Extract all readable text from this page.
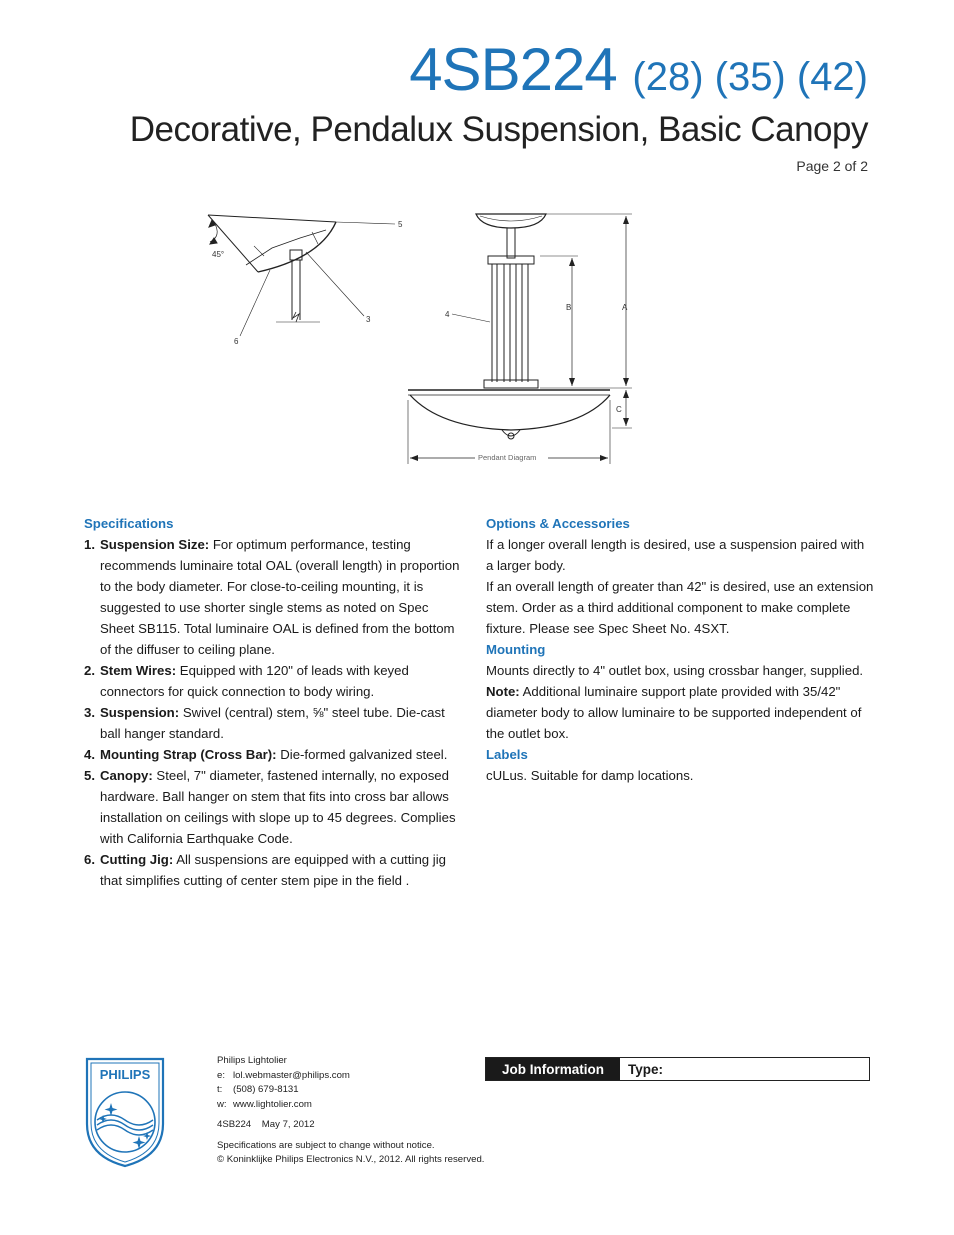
4SB224 (28) (35) (42)
Decorative, Pendalux Suspension, Basic Canopy
Page 2 of 2
5
45°
6
3
4
B	A
C
Pendant Diagram
Specifications
1. Suspension Size: For optimum performance, testing recommends luminaire total OAL (overall length) in proportion to the body diameter. For close-to-ceiling mounting, it is suggested to use shorter single stems as noted on Spec Sheet SB115. Total luminaire OAL is defined from the bottom of the diffuser to ceiling plane.
2. Stem Wires: Equipped with 120" of leads with keyed connectors for quick connection to body wiring.
3. Suspension: Swivel (central) stem, ⅝" steel tube. Die-cast ball hanger standard.
4. Mounting Strap (Cross Bar): Die-formed galvanized steel.
5. Canopy: Steel, 7" diameter, fastened internally, no exposed hardware. Ball hanger on stem that fits into cross bar allows installation on ceilings with slope up to 45 degrees. Complies with California Earthquake Code.
6. Cutting Jig: All suspensions are equipped with a cutting jig that simplifies cutting of center stem pipe in the field .
Options & Accessories
If a longer overall length is desired, use a suspension paired with a larger body.
If an overall length of greater than 42" is desired, use an extension stem. Order as a third additional component to make complete fixture. Please see Spec Sheet No. 4SXT.
Mounting
Mounts directly to 4" outlet box, using crossbar hanger, supplied.
Note: Additional luminaire support plate provided with 35/42" diameter body to allow luminaire to be supported independent of the outlet box.
Labels
cULus. Suitable for damp locations.
PHILIPS
Philips Lightolier
e: lol.webmaster@philips.com
t:	(508) 679-8131
w: www.lightolier.com
4SB224    May 7, 2012
Specifications are subject to change without notice.
© Koninklijke Philips Electronics N.V., 2012. All rights reserved.
Job Information	Type:
